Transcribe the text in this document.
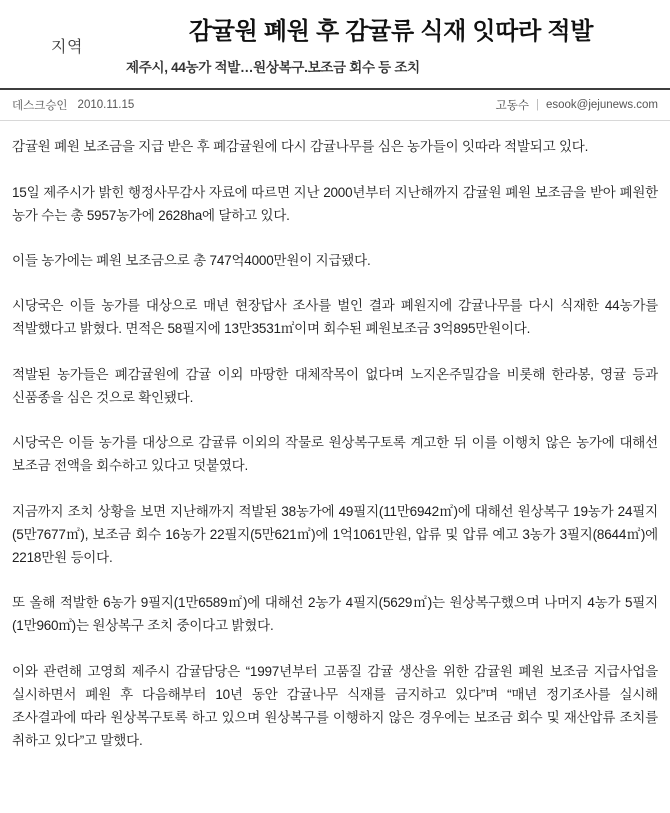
지역
감귤원 폐원 후 감귤류 식재 잇따라 적발
제주시, 44농가 적발…원상복구.보조금 회수 등 조치
데스크승인 2010.11.15	고동수 | esook@jejunews.com

감귤원 폐원 보조금을 지급 받은 후 폐감귤원에 다시 감귤나무를 심은 농가들이 잇따라 적발되고 있다.

15일 제주시가 밝힌 행정사무감사 자료에 따르면 지난 2000년부터 지난해까지 감귤원 폐원 보조금을 받아 폐원한 농가 수는 총 5957농가에 2628ha에 달하고 있다.

이들 농가에는 폐원 보조금으로 총 747억4000만원이 지급됐다.

시당국은 이들 농가를 대상으로 매년 현장답사 조사를 벌인 결과 폐원지에 감귤나무를 다시 식재한 44농가를 적발했다고 밝혔다. 면적은 58필지에 13만3531㎡이며 회수된 폐원보조금 3억895만원이다.

적발된 농가들은 폐감귤원에 감귤 이외 마땅한 대체작목이 없다며 노지온주밀감을 비롯해 한라봉, 영귤 등과 신품종을 심은 것으로 확인됐다.

시당국은 이들 농가를 대상으로 감귤류 이외의 작물로 원상복구토록 계고한 뒤 이를 이행치 않은 농가에 대해선 보조금 전액을 회수하고 있다고 덧붙였다.

지금까지 조치 상황을 보면 지난해까지 적발된 38농가에 49필지(11만6942㎡)에 대해선 원상복구 19농가 24필지(5만7677㎡), 보조금 회수 16농가 22필지(5만621㎡)에 1억1061만원, 압류 및 압류 예고 3농가 3필지(8644㎡)에 2218만원 등이다.

또 올해 적발한 6농가 9필지(1만6589㎡)에 대해선 2농가 4필지(5629㎡)는 원상복구했으며 나머지 4농가 5필지(1만960㎡)는 원상복구 조치 중이다고 밝혔다.

이와 관련해 고영희 제주시 감귤담당은 “1997년부터 고품질 감귤 생산을 위한 감귤원 폐원 보조금 지급사업을 실시하면서 폐원 후 다음해부터 10년 동안 감귤나무 식재를 금지하고 있다”며 “매년 정기조사를 실시해 조사결과에 따라 원상복구토록 하고 있으며 원상복구를 이행하지 않은 경우에는 보조금 회수 및 재산압류 조치를 취하고 있다”고 말했다.
